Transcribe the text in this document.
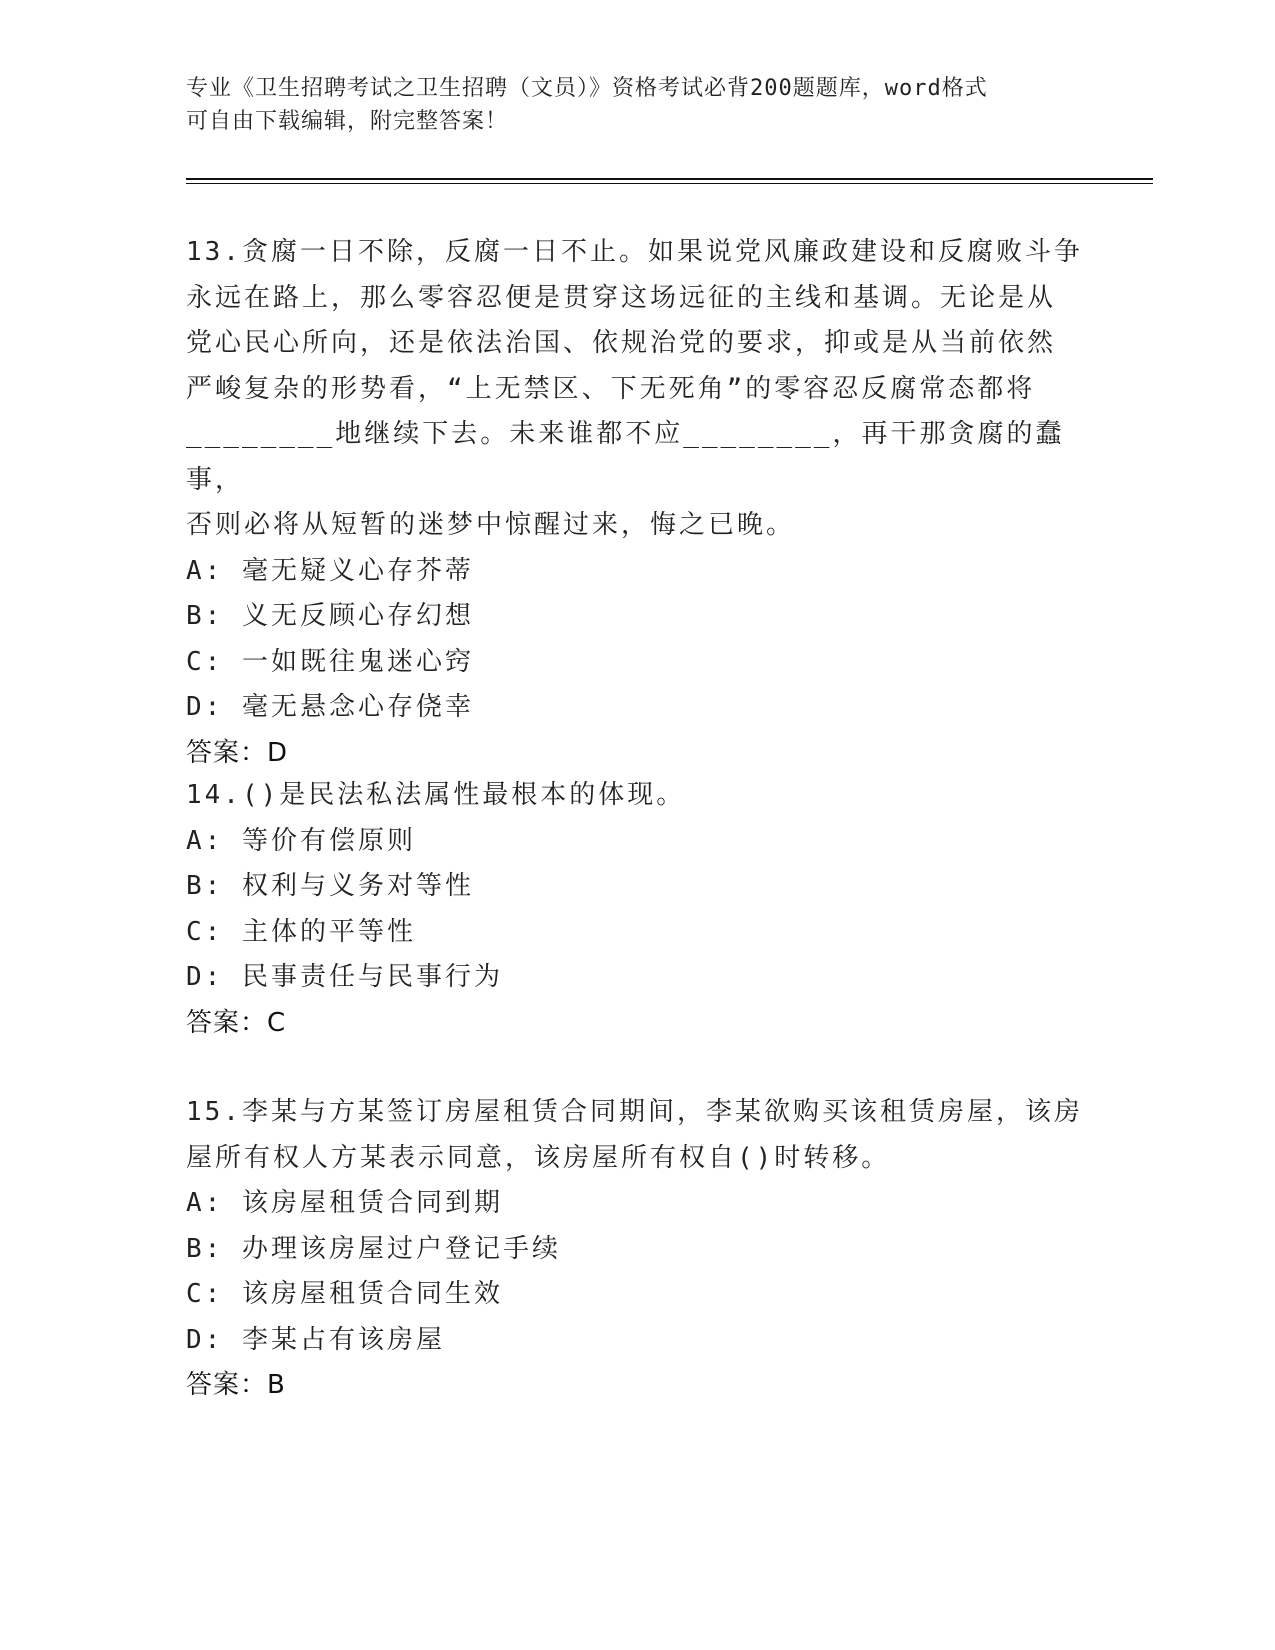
专业《卫生招聘考试之卫生招聘（文员）》资格考试必背200题题库，word格式
可自由下载编辑，附完整答案！

13.贪腐一日不除，反腐一日不止。如果说党风廉政建设和反腐败斗争

永远在路上，那么零容忍便是贯穿这场远征的主线和基调。无论是从

党心民心所向，还是依法治国、依规治党的要求，抑或是从当前依然

严峻复杂的形势看，“上无禁区、下无死角”的零容忍反腐常态都将

________地继续下去。未来谁都不应________，再干那贪腐的蠢事，

否则必将从短暂的迷梦中惊醒过来，悔之已晚。

A: 毫无疑义心存芥蒂

B: 义无反顾心存幻想

C: 一如既往鬼迷心窍

D: 毫无悬念心存侥幸

答案：D

14.()是民法私法属性最根本的体现。

A: 等价有偿原则

B: 权利与义务对等性

C: 主体的平等性

D: 民事责任与民事行为

答案：C

15.李某与方某签订房屋租赁合同期间，李某欲购买该租赁房屋，该房

屋所有权人方某表示同意，该房屋所有权自()时转移。

A: 该房屋租赁合同到期

B: 办理该房屋过户登记手续

C: 该房屋租赁合同生效

D: 李某占有该房屋

答案：B
